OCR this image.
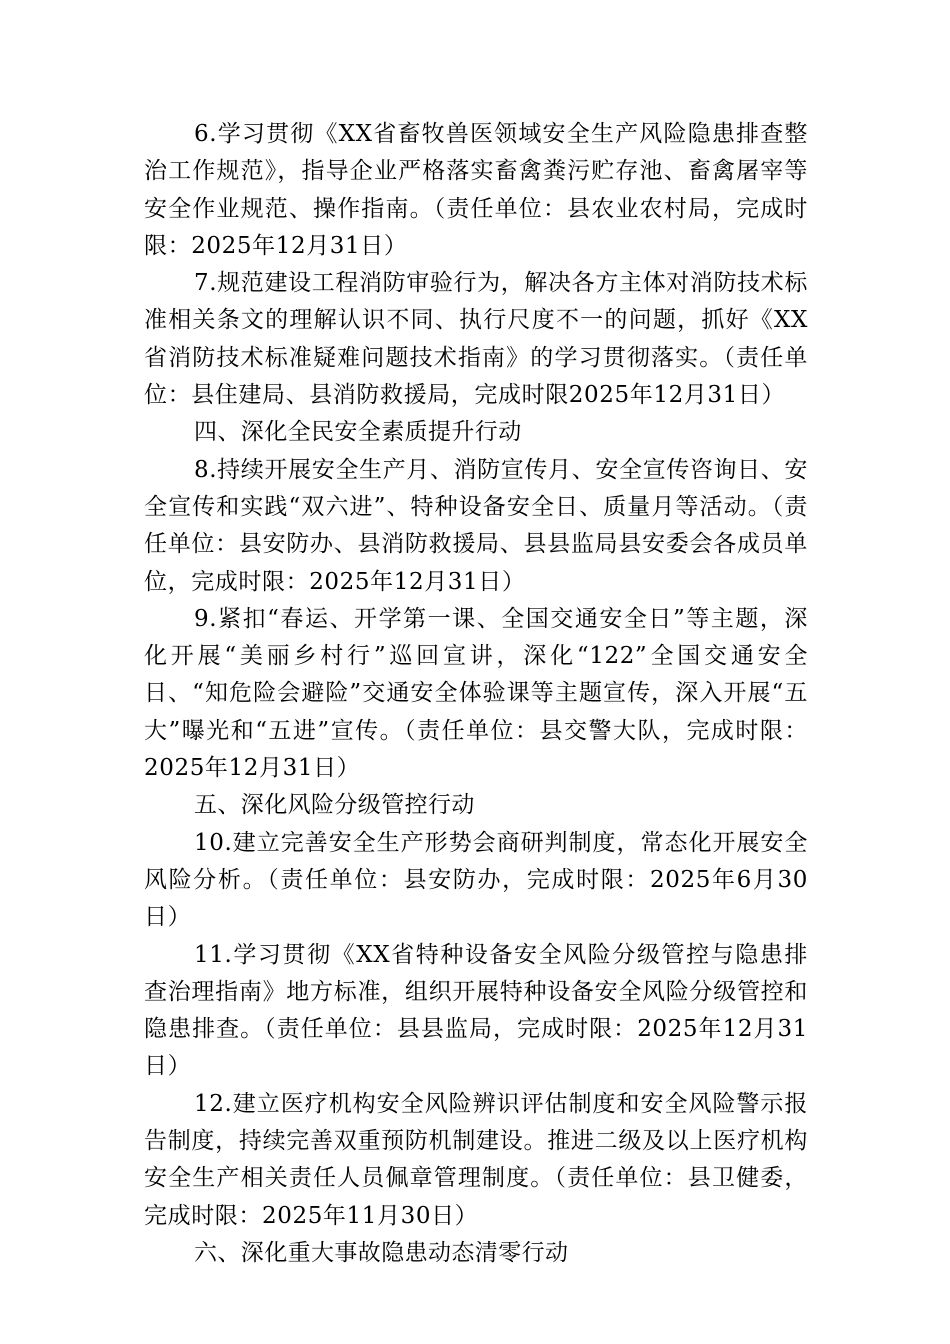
6.学习贯彻《XX省畜牧兽医领域安全生产风险隐患排查整治工作规范》，指导企业严格落实畜禽粪污贮存池、畜禽屠宰等安全作业规范、操作指南。（责任单位：县农业农村局，完成时限：2025年12月31日）

7.规范建设工程消防审验行为，解决各方主体对消防技术标准相关条文的理解认识不同、执行尺度不一的问题，抓好《XX省消防技术标准疑难问题技术指南》的学习贯彻落实。（责任单位：县住建局、县消防救援局，完成时限2025年12月31日）

四、深化全民安全素质提升行动

8.持续开展安全生产月、消防宣传月、安全宣传咨询日、安全宣传和实践“双六进”、特种设备安全日、质量月等活动。（责任单位：县安防办、县消防救援局、县县监局县安委会各成员单位，完成时限：2025年12月31日）

9.紧扣“春运、开学第一课、全国交通安全日”等主题，深化开展“美丽乡村行”巡回宣讲，深化“122”全国交通安全日、“知危险会避险”交通安全体验课等主题宣传，深入开展“五大”曝光和“五进”宣传。（责任单位：县交警大队，完成时限：2025年12月31日）

五、深化风险分级管控行动

10.建立完善安全生产形势会商研判制度，常态化开展安全风险分析。（责任单位：县安防办，完成时限：2025年6月30日）

11.学习贯彻《XX省特种设备安全风险分级管控与隐患排查治理指南》地方标准，组织开展特种设备安全风险分级管控和隐患排查。（责任单位：县县监局，完成时限：2025年12月31日）

12.建立医疗机构安全风险辨识评估制度和安全风险警示报告制度，持续完善双重预防机制建设。推进二级及以上医疗机构安全生产相关责任人员佩章管理制度。（责任单位：县卫健委，完成时限：2025年11月30日）

六、深化重大事故隐患动态清零行动
